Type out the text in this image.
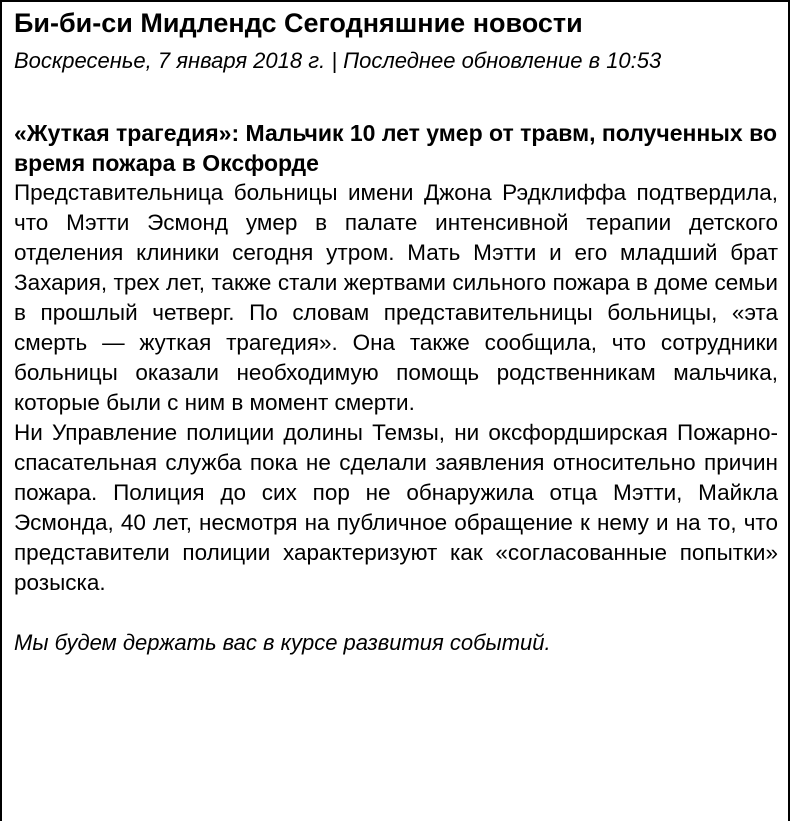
Би-би-си Мидлендс Сегодняшние новости
Воскресенье, 7 января 2018 г. | Последнее обновление в 10:53
«Жуткая трагедия»: Мальчик 10 лет умер от травм, полученных во время пожара в Оксфорде

Представительница больницы имени Джона Рэдклиффа подтвердила, что Мэтти Эсмонд умер в палате интенсивной терапии детского отделения клиники сегодня утром. Мать Мэтти и его младший брат Захария, трех лет, также стали жертвами сильного пожара в доме семьи в прошлый четверг. По словам представительницы больницы, «эта смерть — жуткая трагедия». Она также сообщила, что сотрудники больницы оказали необходимую помощь родственникам мальчика, которые были с ним в момент смерти.

Ни Управление полиции долины Темзы, ни оксфордширская Пожарно-спасательная служба пока не сделали заявления относительно причин пожара. Полиция до сих пор не обнаружила отца Мэтти, Майкла Эсмонда, 40 лет, несмотря на публичное обращение к нему и на то, что представители полиции характеризуют как «согласованные попытки» розыска.

Мы будем держать вас в курсе развития событий.
